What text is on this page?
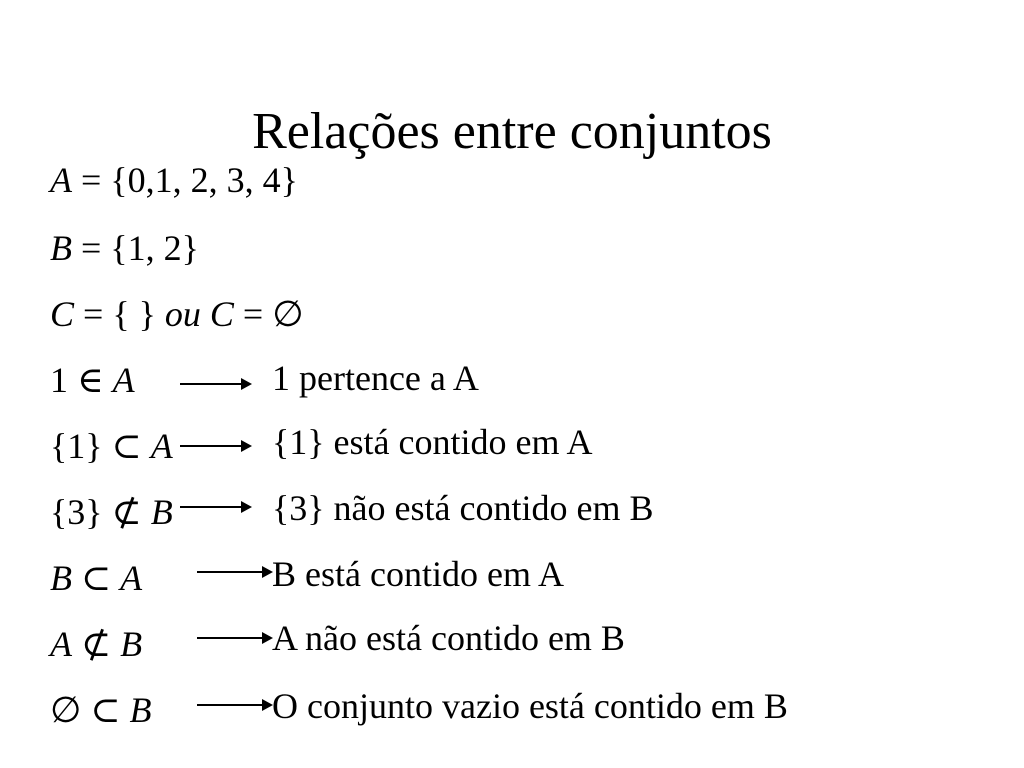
Relações entre conjuntos
A = {0,1, 2, 3, 4}
B = {1, 2}
C = { } ou C = ∅
1 ∈ A	1 pertence a A
{1} ⊂ A	{1} está contido em A
{3} ⊄ B	{3} não está contido em B
B ⊂ A	B está contido em A
A ⊄ B	A não está contido em B
∅ ⊂ B	O conjunto vazio está contido em B
